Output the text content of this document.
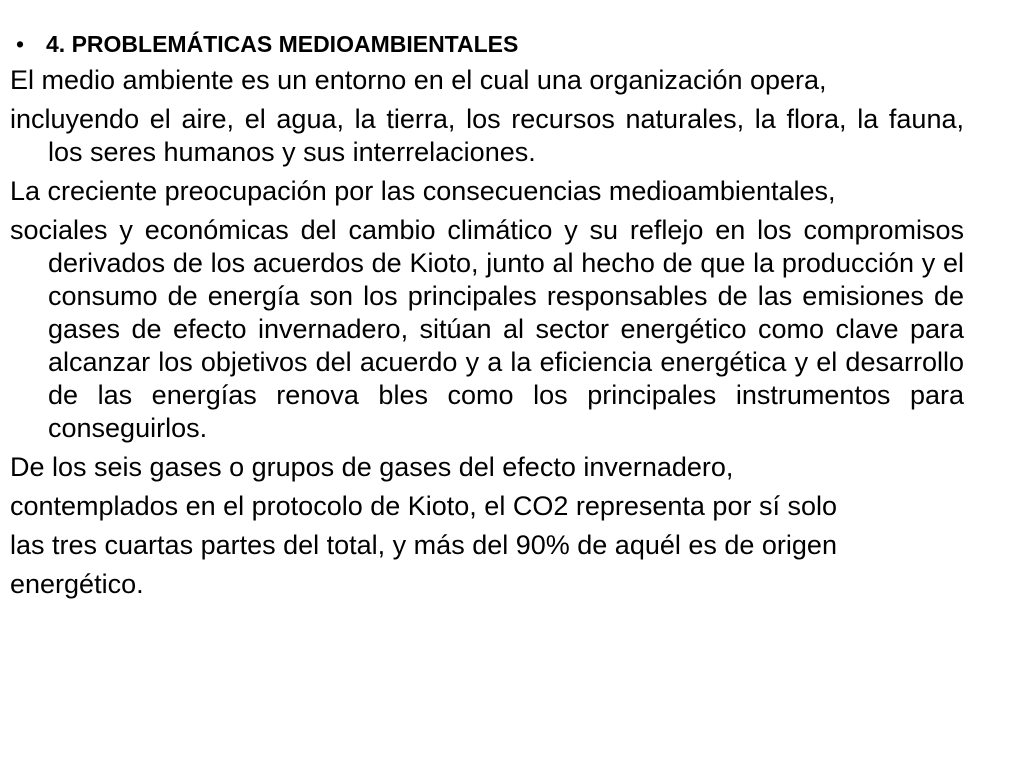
• 4. PROBLEMÁTICAS MEDIOAMBIENTALES

El medio ambiente es un entorno en el cual una organización opera,

incluyendo el aire, el agua, la tierra, los recursos naturales, la flora, la fauna, los seres humanos y sus interrelaciones.

La creciente preocupación por las consecuencias medioambientales,

sociales y económicas del cambio climático y su reflejo en los compromisos derivados de los acuerdos de Kioto, junto al hecho de que la producción y el consumo de energía son los principales responsables de las emisiones de gases de efecto invernadero, sitúan al sector energético como clave para alcanzar los objetivos del acuerdo y a la eficiencia energética y el desarrollo de las energías renova bles como los principales instrumentos para conseguirlos.

De los seis gases o grupos de gases del efecto invernadero,

contemplados en el protocolo de Kioto, el CO2 representa por sí solo

las tres cuartas partes del total, y más del 90% de aquél es de origen

energético.
